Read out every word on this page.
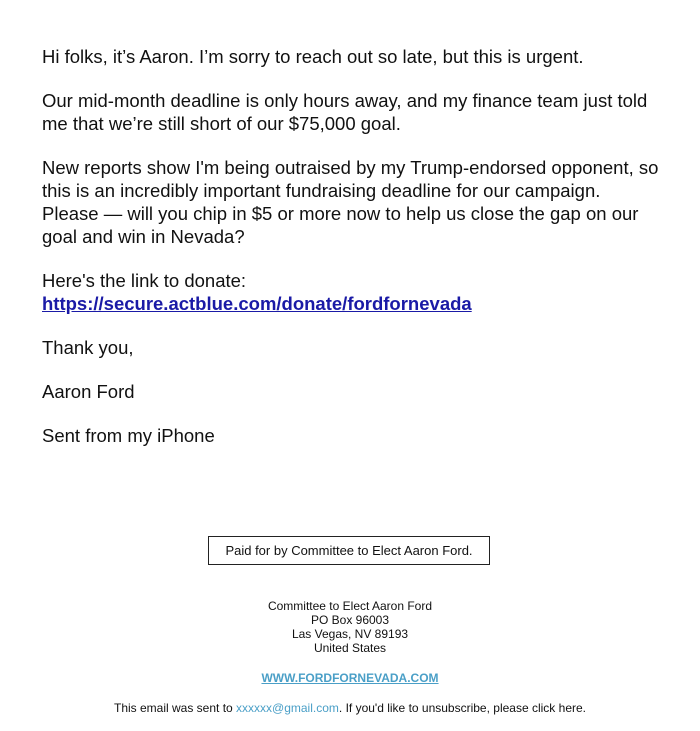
Hi folks, it’s Aaron. I’m sorry to reach out so late, but this is urgent.

Our mid-month deadline is only hours away, and my finance team just told me that we’re still short of our $75,000 goal.

New reports show I'm being outraised by my Trump-endorsed opponent, so this is an incredibly important fundraising deadline for our campaign. Please — will you chip in $5 or more now to help us close the gap on our goal and win in Nevada?

Here's the link to donate:
https://secure.actblue.com/donate/fordfornevada

Thank you,

Aaron Ford

Sent from my iPhone

Paid for by Committee to Elect Aaron Ford.
Committee to Elect Aaron Ford
PO Box 96003
Las Vegas, NV 89193
United States
WWW.FORDFORNEVADA.COM
This email was sent to xxxxxx@gmail.com. If you'd like to unsubscribe, please click here.
